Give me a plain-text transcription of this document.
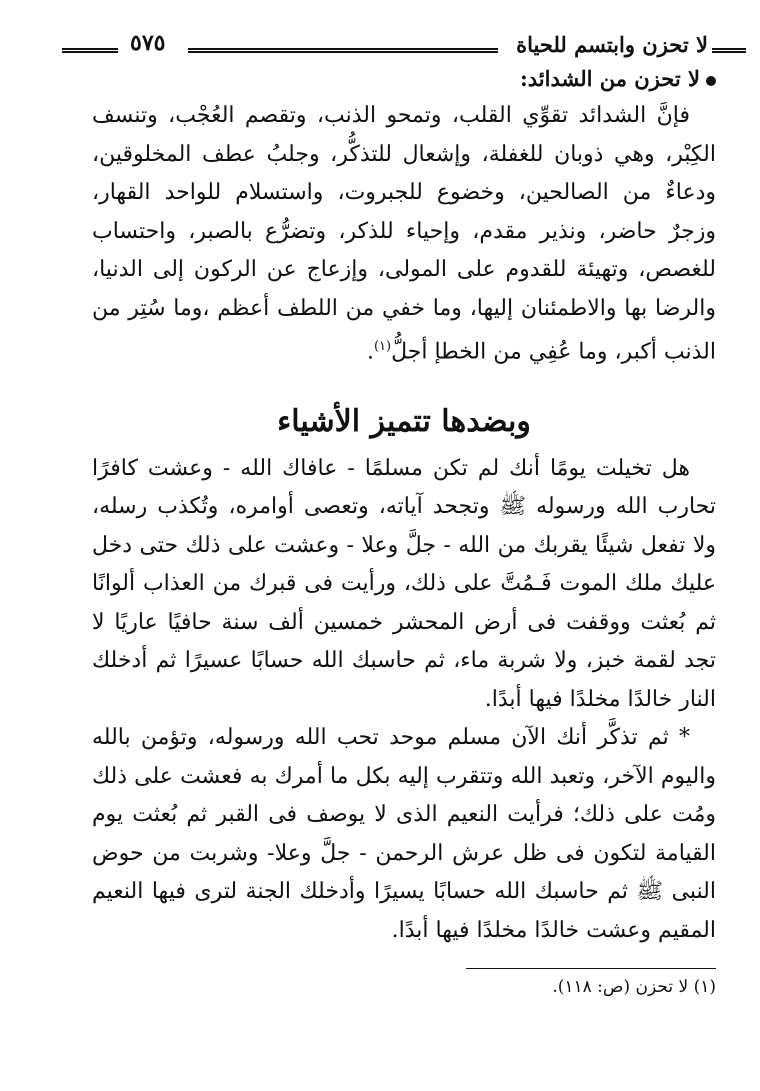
لا تحزن وابتسم للحياة
٥٧٥
لا تحزن من الشدائد:

فإنَّ الشدائد تقوِّي القلب، وتمحو الذنب، وتقصم العُجْب، وتنسف الكِبْر، وهي ذوبان للغفلة، وإشعال للتذكُّر، وجلبُ عطف المخلوقين، ودعاءٌ من الصالحين، وخضوع للجبروت، واستسلام للواحد القهار، وزجرٌ حاضر، ونذير مقدم، وإحياء للذكر، وتضرُّع بالصبر، واحتساب للغصص، وتهيئة للقدوم على المولى، وإزعاج عن الركون إلى الدنيا، والرضا بها والاطمئنان إليها، وما خفي من اللطف أعظم ،وما سُتِر من الذنب أكبر، وما عُفِي من الخطإ أجلُّ$^{(١)}$.

وبضدها تتميز الأشياء

هل تخيلت يومًا أنك لم تكن مسلمًا - عافاك الله - وعشت كافرًا تحارب الله ورسوله ﷺ وتجحد آياته، وتعصى أوامره، وتُكذب رسله، ولا تفعل شيئًا يقربك من الله - جلَّ وعلا - وعشت على ذلك حتى دخل عليك ملك الموت فَـمُتَّ على ذلك، ورأيت فى قبرك من العذاب ألوانًا ثم بُعثت ووقفت فى أرض المحشر خمسين ألف سنة حافيًا عاريًا لا تجد لقمة خبز، ولا شربة ماء، ثم حاسبك الله حسابًا عسيرًا ثم أدخلك النار خالدًا مخلدًا فيها أبدًا.

* ثم تذكَّر أنك الآن مسلم موحد تحب الله ورسوله، وتؤمن بالله واليوم الآخر، وتعبد الله وتتقرب إليه بكل ما أمرك به فعشت على ذلك ومُت على ذلك؛ فرأيت النعيم الذى لا يوصف فى القبر ثم بُعثت يوم القيامة لتكون فى ظل عرش الرحمن - جلَّ وعلا- وشربت من حوض النبى ﷺ ثم حاسبك الله حسابًا يسيرًا وأدخلك الجنة لترى فيها النعيم المقيم وعشت خالدًا مخلدًا فيها أبدًا.

(١) لا تحزن (ص: ١١٨).
